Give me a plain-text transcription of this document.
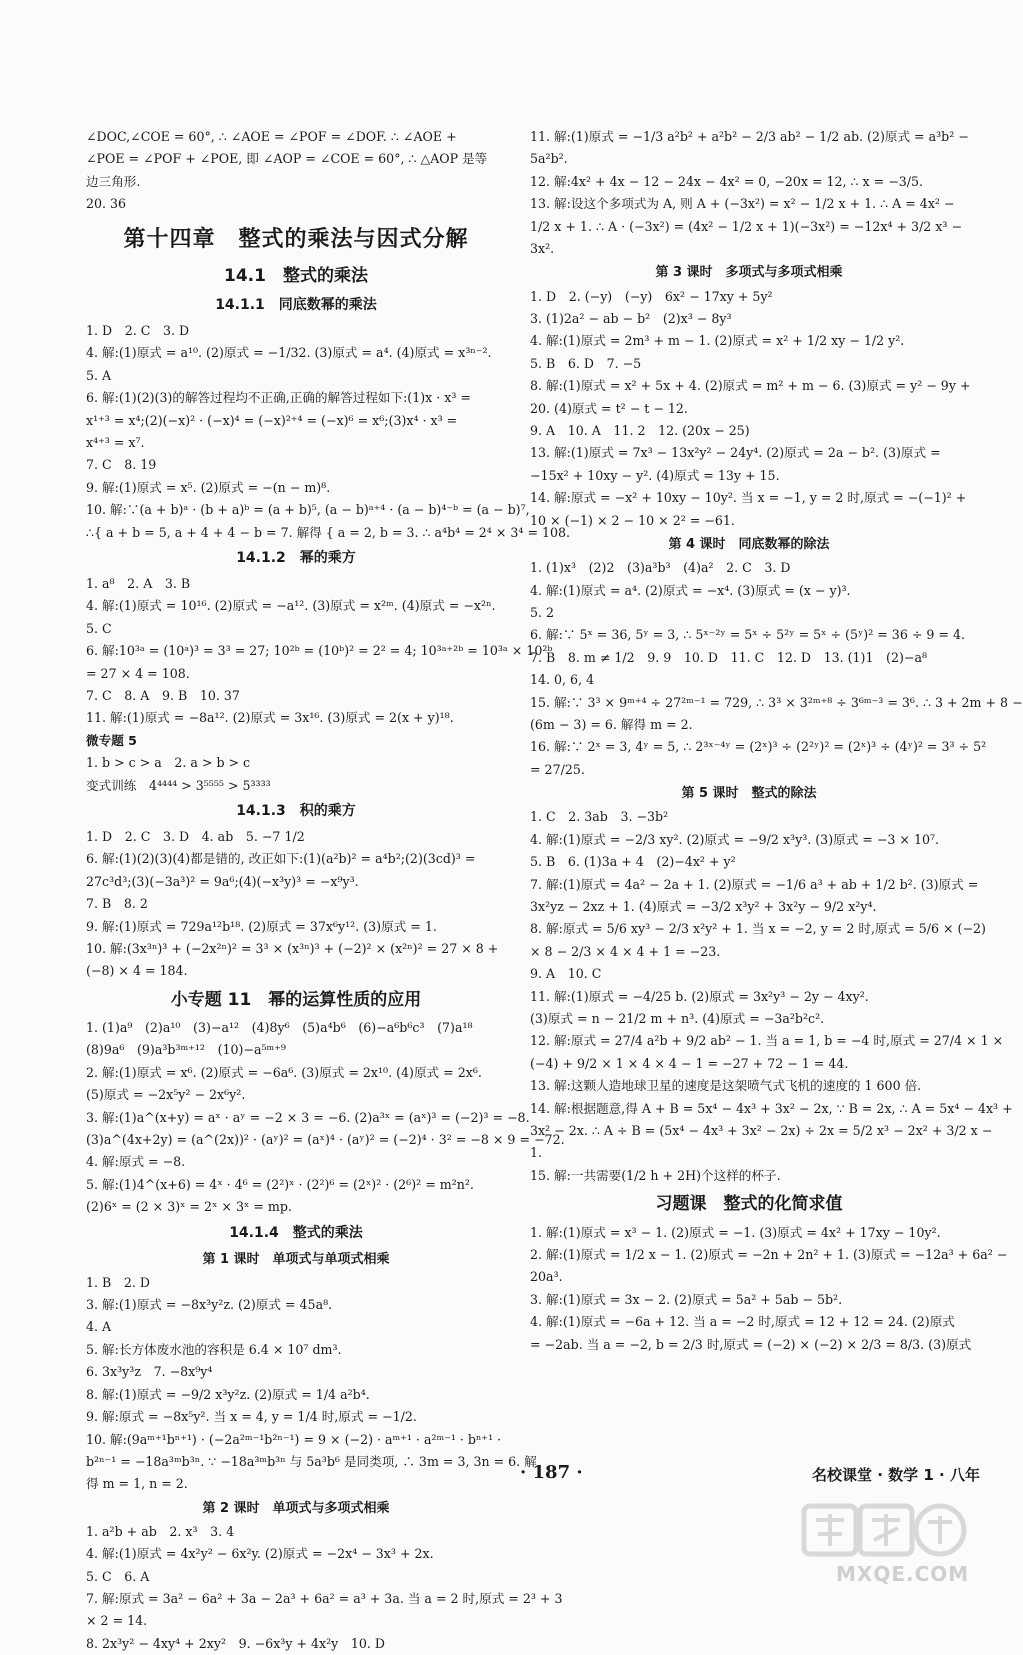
∠DOC,∠COE = 60°, ∴ ∠AOE = ∠POF = ∠DOF. ∴ ∠AOE +
∠POE = ∠POF + ∠POE, 即 ∠AOP = ∠COE = 60°, ∴ △AOP 是等
边三角形.
20. 36
第十四章　整式的乘法与因式分解
14.1　整式的乘法
14.1.1　同底数幂的乘法
1. D　2. C　3. D
4. 解:(1)原式 = a¹⁰. (2)原式 = −1/32. (3)原式 = a⁴. (4)原式 = x³ⁿ⁻².
5. A
6. 解:(1)(2)(3)的解答过程均不正确,正确的解答过程如下:(1)x · x³ =
x¹⁺³ = x⁴;(2)(−x)² · (−x)⁴ = (−x)²⁺⁴ = (−x)⁶ = x⁶;(3)x⁴ · x³ =
x⁴⁺³ = x⁷.
7. C　8. 19
9. 解:(1)原式 = x⁵. (2)原式 = −(n − m)⁸.
10. 解:∵(a + b)ᵃ · (b + a)ᵇ = (a + b)⁵, (a − b)ᵃ⁺⁴ · (a − b)⁴⁻ᵇ = (a − b)⁷,
∴{ a + b = 5, a + 4 + 4 − b = 7. 解得 { a = 2, b = 3. ∴ a⁴b⁴ = 2⁴ × 3⁴ = 108.
14.1.2　幂的乘方
1. a⁸　2. A　3. B
4. 解:(1)原式 = 10¹⁶. (2)原式 = −a¹². (3)原式 = x²ᵐ. (4)原式 = −x²ⁿ.
5. C
6. 解:10³ᵃ = (10ᵃ)³ = 3³ = 27; 10²ᵇ = (10ᵇ)² = 2² = 4; 10³ᵃ⁺²ᵇ = 10³ᵃ × 10²ᵇ
= 27 × 4 = 108.
7. C　8. A　9. B　10. 37
11. 解:(1)原式 = −8a¹². (2)原式 = 3x¹⁶. (3)原式 = 2(x + y)¹⁸.
微专题 5
1. b > c > a　2. a > b > c
变式训练　4⁴⁴⁴⁴ > 3⁵⁵⁵⁵ > 5³³³³
14.1.3　积的乘方
1. D　2. C　3. D　4. ab　5. −7 1/2
6. 解:(1)(2)(3)(4)都是错的, 改正如下:(1)(a²b)² = a⁴b²;(2)(3cd)³ =
27c³d³;(3)(−3a³)² = 9a⁶;(4)(−x³y)³ = −x⁹y³.
7. B　8. 2
9. 解:(1)原式 = 729a¹²b¹⁸. (2)原式 = 37x⁶y¹². (3)原式 = 1.
10. 解:(3x³ⁿ)³ + (−2x²ⁿ)² = 3³ × (x³ⁿ)³ + (−2)² × (x²ⁿ)² = 27 × 8 +
(−8) × 4 = 184.
小专题 11　幂的运算性质的应用
1. (1)a⁹　(2)a¹⁰　(3)−a¹²　(4)8y⁶　(5)a⁴b⁶　(6)−a⁶b⁶c³　(7)a¹⁸
(8)9a⁶　(9)a³b³ᵐ⁺¹²　(10)−a⁵ᵐ⁺⁹
2. 解:(1)原式 = x⁶. (2)原式 = −6a⁶. (3)原式 = 2x¹⁰. (4)原式 = 2x⁶.
(5)原式 = −2x⁵y² − 2x⁶y².
3. 解:(1)a^(x+y) = aˣ · aʸ = −2 × 3 = −6. (2)a³ˣ = (aˣ)³ = (−2)³ = −8.
(3)a^(4x+2y) = (a^(2x))² · (aʸ)² = (aˣ)⁴ · (aʸ)² = (−2)⁴ · 3² = −8 × 9 = −72.
4. 解:原式 = −8.
5. 解:(1)4^(x+6) = 4ˣ · 4⁶ = (2²)ˣ · (2²)⁶ = (2ˣ)² · (2⁶)² = m²n².
(2)6ˣ = (2 × 3)ˣ = 2ˣ × 3ˣ = mp.
14.1.4　整式的乘法
第 1 课时　单项式与单项式相乘
1. B　2. D
3. 解:(1)原式 = −8x³y²z. (2)原式 = 45a⁸.
4. A
5. 解:长方体废水池的容积是 6.4 × 10⁷ dm³.
6. 3x³y³z　7. −8x⁹y⁴
8. 解:(1)原式 = −9/2 x³y²z. (2)原式 = 1/4 a²b⁴.
9. 解:原式 = −8x⁵y². 当 x = 4, y = 1/4 时,原式 = −1/2.
10. 解:(9aᵐ⁺¹bⁿ⁺¹) · (−2a²ᵐ⁻¹b²ⁿ⁻¹) = 9 × (−2) · aᵐ⁺¹ · a²ᵐ⁻¹ · bⁿ⁺¹ ·
b²ⁿ⁻¹ = −18a³ᵐb³ⁿ. ∵ −18a³ᵐb³ⁿ 与 5a³b⁶ 是同类项, ∴ 3m = 3, 3n = 6. 解
得 m = 1, n = 2.
第 2 课时　单项式与多项式相乘
1. a²b + ab　2. x³　3. 4
4. 解:(1)原式 = 4x²y² − 6x²y. (2)原式 = −2x⁴ − 3x³ + 2x.
5. C　6. A
7. 解:原式 = 3a² − 6a² + 3a − 2a³ + 6a² = a³ + 3a. 当 a = 2 时,原式 = 2³ + 3
× 2 = 14.
8. 2x³y² − 4xy⁴ + 2xy²　9. −6x³y + 4x²y　10. D
11. 解:(1)原式 = −1/3 a²b² + a²b² − 2/3 ab² − 1/2 ab. (2)原式 = a³b² −
5a²b².
12. 解:4x² + 4x − 12 − 24x − 4x² = 0, −20x = 12, ∴ x = −3/5.
13. 解:设这个多项式为 A, 则 A + (−3x²) = x² − 1/2 x + 1. ∴ A = 4x² −
1/2 x + 1. ∴ A · (−3x²) = (4x² − 1/2 x + 1)(−3x²) = −12x⁴ + 3/2 x³ −
3x².
第 3 课时　多项式与多项式相乘
1. D　2. (−y)　(−y)　6x² − 17xy + 5y²
3. (1)2a² − ab − b²　(2)x³ − 8y³
4. 解:(1)原式 = 2m³ + m − 1. (2)原式 = x² + 1/2 xy − 1/2 y².
5. B　6. D　7. −5
8. 解:(1)原式 = x² + 5x + 4. (2)原式 = m² + m − 6. (3)原式 = y² − 9y +
20. (4)原式 = t² − t − 12.
9. A　10. A　11. 2　12. (20x − 25)
13. 解:(1)原式 = 7x³ − 13x²y² − 24y⁴. (2)原式 = 2a − b². (3)原式 =
−15x² + 10xy − y². (4)原式 = 13y + 15.
14. 解:原式 = −x² + 10xy − 10y². 当 x = −1, y = 2 时,原式 = −(−1)² +
10 × (−1) × 2 − 10 × 2² = −61.
第 4 课时　同底数幂的除法
1. (1)x³　(2)2　(3)a³b³　(4)a²　2. C　3. D
4. 解:(1)原式 = a⁴. (2)原式 = −x⁴. (3)原式 = (x − y)³.
5. 2
6. 解:∵ 5ˣ = 36, 5ʸ = 3, ∴ 5ˣ⁻²ʸ = 5ˣ ÷ 5²ʸ = 5ˣ ÷ (5ʸ)² = 36 ÷ 9 = 4.
7. B　8. m ≠ 1/2　9. 9　10. D　11. C　12. D　13. (1)1　(2)−a⁸
14. 0, 6, 4
15. 解:∵ 3³ × 9ᵐ⁺⁴ ÷ 27²ᵐ⁻¹ = 729, ∴ 3³ × 3²ᵐ⁺⁸ ÷ 3⁶ᵐ⁻³ = 3⁶. ∴ 3 + 2m + 8 −
(6m − 3) = 6. 解得 m = 2.
16. 解:∵ 2ˣ = 3, 4ʸ = 5, ∴ 2³ˣ⁻⁴ʸ = (2ˣ)³ ÷ (2²ʸ)² = (2ˣ)³ ÷ (4ʸ)² = 3³ ÷ 5²
= 27/25.
第 5 课时　整式的除法
1. C　2. 3ab　3. −3b²
4. 解:(1)原式 = −2/3 xy². (2)原式 = −9/2 x³y³. (3)原式 = −3 × 10⁷.
5. B　6. (1)3a + 4　(2)−4x² + y²
7. 解:(1)原式 = 4a² − 2a + 1. (2)原式 = −1/6 a³ + ab + 1/2 b². (3)原式 =
3x²yz − 2xz + 1. (4)原式 = −3/2 x³y² + 3x²y − 9/2 x²y⁴.
8. 解:原式 = 5/6 xy³ − 2/3 x²y² + 1. 当 x = −2, y = 2 时,原式 = 5/6 × (−2)
× 8 − 2/3 × 4 × 4 + 1 = −23.
9. A　10. C
11. 解:(1)原式 = −4/25 b. (2)原式 = 3x²y³ − 2y − 4xy².
(3)原式 = n − 21/2 m + n³. (4)原式 = −3a²b²c².
12. 解:原式 = 27/4 a²b + 9/2 ab² − 1. 当 a = 1, b = −4 时,原式 = 27/4 × 1 ×
(−4) + 9/2 × 1 × 4 × 4 − 1 = −27 + 72 − 1 = 44.
13. 解:这颗人造地球卫星的速度是这架喷气式飞机的速度的 1 600 倍.
14. 解:根据题意,得 A + B = 5x⁴ − 4x³ + 3x² − 2x, ∵ B = 2x, ∴ A = 5x⁴ − 4x³ +
3x² − 2x. ∴ A ÷ B = (5x⁴ − 4x³ + 3x² − 2x) ÷ 2x = 5/2 x³ − 2x² + 3/2 x −
1.
15. 解:一共需要(1/2 h + 2H)个这样的杯子.
习题课　整式的化简求值
1. 解:(1)原式 = x³ − 1. (2)原式 = −1. (3)原式 = 4x² + 17xy − 10y².
2. 解:(1)原式 = 1/2 x − 1. (2)原式 = −2n + 2n² + 1. (3)原式 = −12a³ + 6a² −
20a³.
3. 解:(1)原式 = 3x − 2. (2)原式 = 5a² + 5ab − 5b².
4. 解:(1)原式 = −6a + 12. 当 a = −2 时,原式 = 12 + 12 = 24. (2)原式
= −2ab. 当 a = −2, b = 2/3 时,原式 = (−2) × (−2) × 2/3 = 8/3. (3)原式
· 187 ·	名校课堂 · 数学 1 · 八年
MXQE.COM
